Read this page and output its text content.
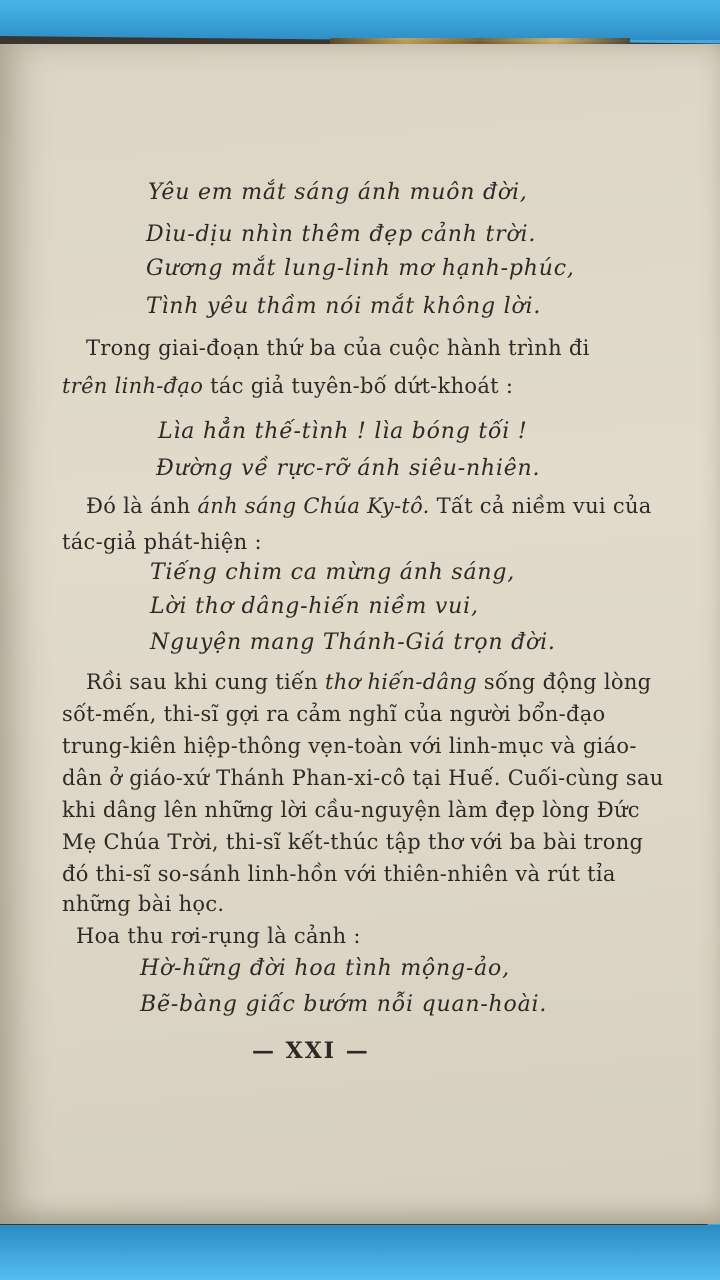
Yêu em mắt sáng ánh muôn đời,
Dìu-dịu nhìn thêm đẹp cảnh trời.
Gương mắt lung-linh mơ hạnh-phúc,
Tình yêu thầm nói mắt không lời.
Trong giai-đoạn thứ ba của cuộc hành trình đi
trên linh-đạo tác giả tuyên-bố dứt-khoát :
Lìa hẳn thế-tình ! lìa bóng tối !
Đường về rực-rỡ ánh siêu-nhiên.
Đó là ánh ánh sáng Chúa Ky-tô. Tất cả niềm vui của
tác-giả phát-hiện :
Tiếng chim ca mừng ánh sáng,
Lời thơ dâng-hiến niềm vui,
Nguyện mang Thánh-Giá trọn đời.
Rồi sau khi cung tiến thơ hiến-dâng sống động lòng
sốt-mến, thi-sĩ gợi ra cảm nghĩ của người bổn-đạo
trung-kiên hiệp-thông vẹn-toàn với linh-mục và giáo-
dân ở giáo-xứ Thánh Phan-xi-cô tại Huế. Cuối-cùng sau
khi dâng lên những lời cầu-nguyện làm đẹp lòng Đức
Mẹ Chúa Trời, thi-sĩ kết-thúc tập thơ với ba bài trong
đó thi-sĩ so-sánh linh-hồn với thiên-nhiên và rút tỉa
những bài học.
Hoa thu rơi-rụng là cảnh :
Hờ-hững đời hoa tình mộng-ảo,
Bẽ-bàng giấc bướm nỗi quan-hoài.
— XXI —
